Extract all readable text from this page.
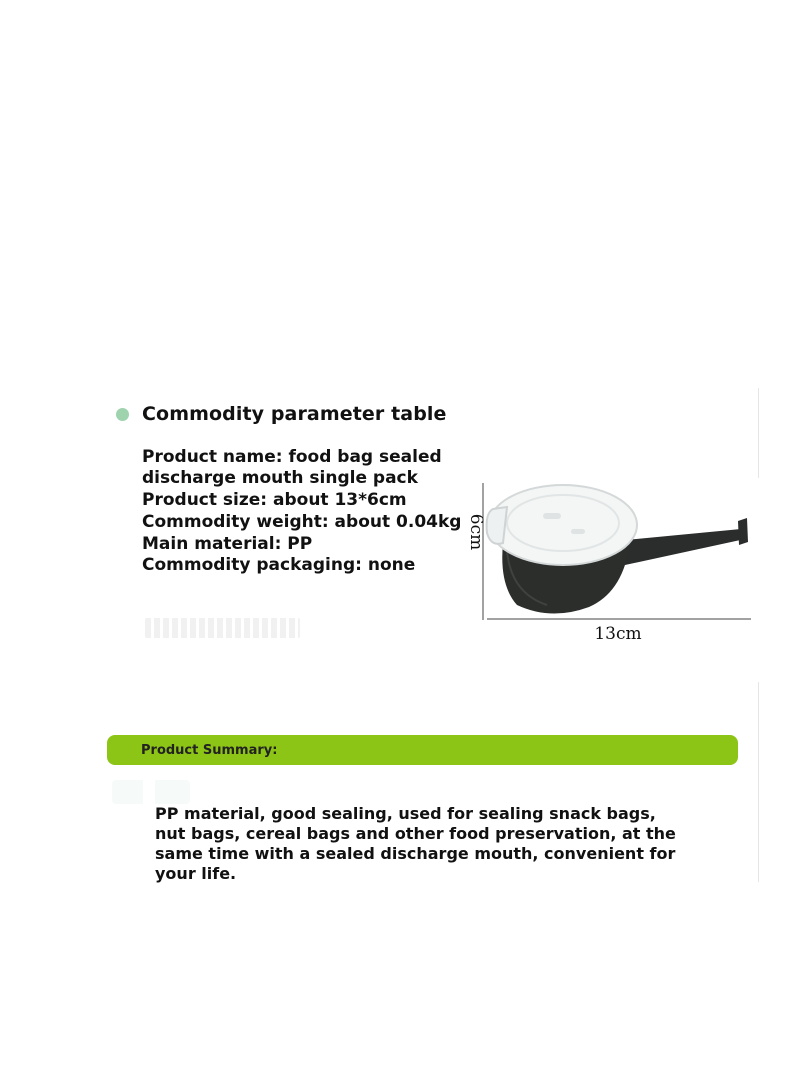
Commodity parameter table
Product name: food bag sealed discharge mouth single pack
Product size: about 13*6cm
Commodity weight: about 0.04kg
Main material: PP
Commodity packaging: none
6cm
13cm
Product Summary:
PP material, good sealing, used for sealing snack bags, nut bags, cereal bags and other food preservation, at the same time with a sealed discharge mouth, convenient for your life.
